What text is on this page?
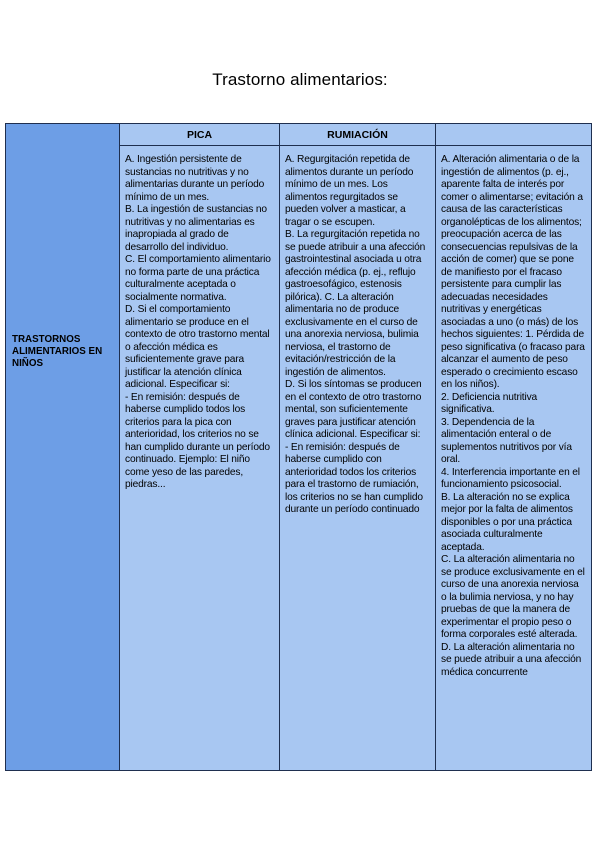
Trastorno alimentarios:
TRASTORNOS ALIMENTARIOS EN NIÑOS
PICA	RUMIACIÓN
A. Ingestión persistente de sustancias no nutritivas y no alimentarias durante un período mínimo de un mes.
B. La ingestión de sustancias no nutritivas y no alimentarias es inapropiada al grado de desarrollo del individuo.
C. El comportamiento alimentario no forma parte de una práctica culturalmente aceptada o socialmente normativa.
D. Si el comportamiento alimentario se produce en el contexto de otro trastorno mental o afección médica es suficientemente grave para justificar la atención clínica adicional. Especificar si:
- En remisión: después de haberse cumplido todos los criterios para la pica con anterioridad, los criterios no se han cumplido durante un período continuado. Ejemplo: El niño come yeso de las paredes, piedras...
A. Regurgitación repetida de alimentos durante un período mínimo de un mes. Los alimentos regurgitados se pueden volver a masticar, a tragar o se escupen.
B. La regurgitación repetida no se puede atribuir a una afección gastrointestinal asociada u otra afección médica (p. ej., reflujo gastroesofágico, estenosis pilórica). C. La alteración alimentaria no de produce exclusivamente en el curso de una anorexia nerviosa, bulimia nerviosa, el trastorno de evitación/restricción de la ingestión de alimentos.
D. Si los síntomas se producen en el contexto de otro trastorno mental, son suficientemente graves para justificar atención clínica adicional. Especificar si:
- En remisión: después de haberse cumplido con anterioridad todos los criterios para el trastorno de rumiación, los criterios no se han cumplido durante un período continuado
A. Alteración alimentaria o de la ingestión de alimentos (p. ej., aparente falta de interés por comer o alimentarse; evitación a causa de las características organolépticas de los alimentos; preocupación acerca de las consecuencias repulsivas de la acción de comer) que se pone de manifiesto por el fracaso persistente para cumplir las adecuadas necesidades nutritivas y energéticas asociadas a uno (o más) de los hechos siguientes: 1. Pérdida de peso significativa (o fracaso para alcanzar el aumento de peso esperado o crecimiento escaso en los niños).
2. Deficiencia nutritiva significativa.
3. Dependencia de la alimentación enteral o de suplementos nutritivos por vía oral.
4. Interferencia importante en el funcionamiento psicosocial.
B. La alteración no se explica mejor por la falta de alimentos disponibles o por una práctica asociada culturalmente aceptada.
C. La alteración alimentaria no se produce exclusivamente en el curso de una anorexia nerviosa o la bulimia nerviosa, y no hay pruebas de que la manera de experimentar el propio peso o forma corporales esté alterada.
D. La alteración alimentaria no se puede atribuir a una afección médica concurrente
